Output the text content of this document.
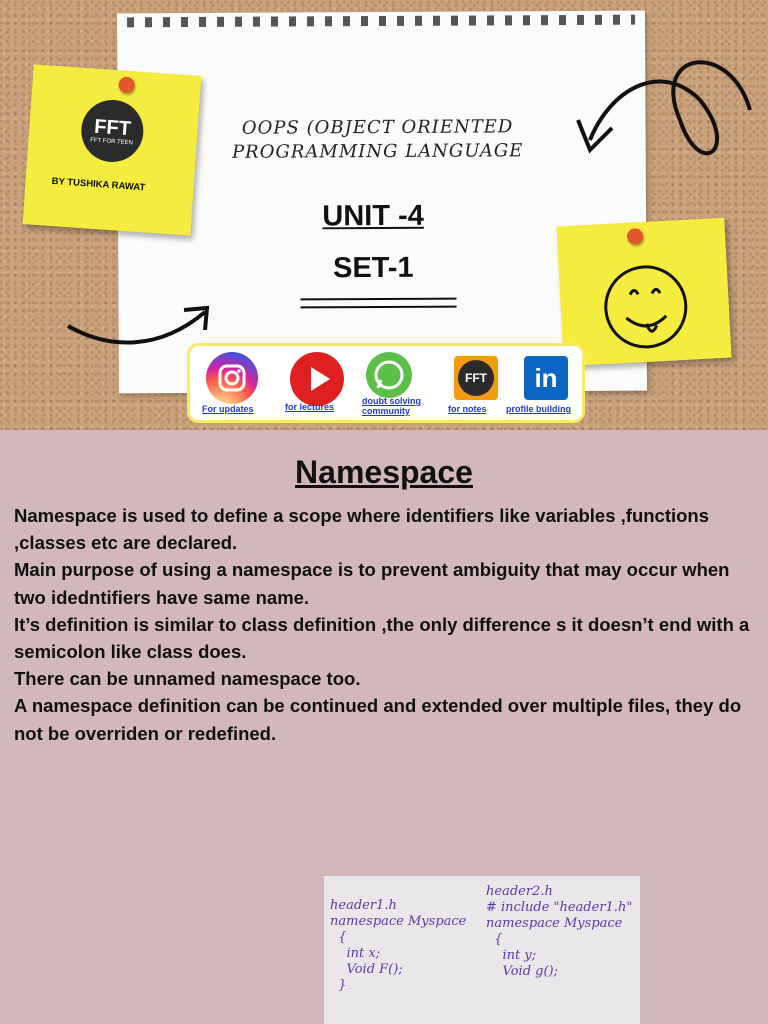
OOPS (OBJECT ORIENTED
PROGRAMMING LANGUAGE
UNIT -4
SET-1
FFT
FFT FOR TEEN
BY TUSHIKA RAWAT
For updates	for lectures
doubt solving community
FFT
for notes
in
profile building
Namespace
Namespace is used to define a scope where identifiers like variables ,functions ,classes etc are declared.
Main purpose of using a namespace is to prevent ambiguity that may occur when two idedntifiers have same name.
It’s definition is similar to class definition ,the only difference s it doesn’t end with a semicolon like class does.
There can be unnamed namespace too.
A namespace definition can be continued and extended over multiple files, they do not be overriden or redefined.
header1.h
namespace Myspace
{
int x;
Void F();
}
header2.h
# include "header1.h"
namespace Myspace
{
int y;
Void g();
